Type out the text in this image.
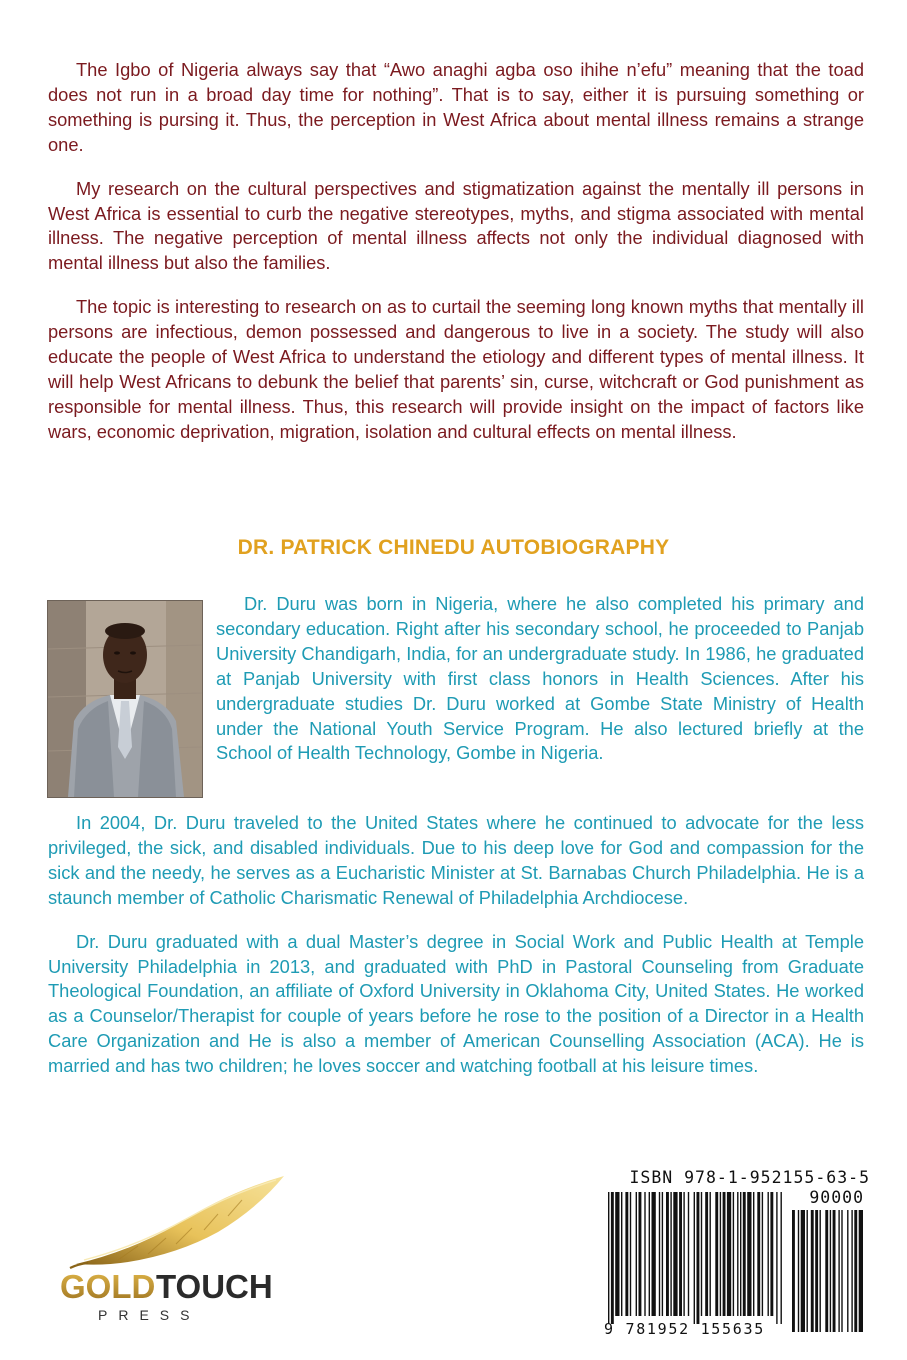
The Igbo of Nigeria always say that “Awo anaghi agba oso ihihe n’efu” meaning that the toad does not run in a broad day time for nothing”. That is to say, either it is pursuing something or something is pursing it. Thus, the perception in West Africa about mental illness remains a strange one.

My research on the cultural perspectives and stigmatization against the mentally ill persons in West Africa is essential to curb the negative stereotypes, myths, and stigma associated with mental illness. The negative perception of mental illness affects not only the individual diagnosed with mental illness but also the families.

The topic is interesting to research on as to curtail the seeming long known myths that mentally ill persons are infectious, demon possessed and dangerous to live in a society. The study will also educate the people of West Africa to understand the etiology and different types of mental illness. It will help West Africans to debunk the belief that parents’ sin, curse, witchcraft or God punishment as responsible for mental illness. Thus, this research will provide insight on the impact of factors like wars, economic deprivation, migration, isolation and cultural effects on mental illness.

DR. PATRICK CHINEDU AUTOBIOGRAPHY

Dr. Duru was born in Nigeria, where he also completed his primary and secondary education. Right after his secondary school, he proceeded to Panjab University Chandigarh, India, for an undergraduate study. In 1986, he graduated at Panjab University with first class honors in Health Sciences. After his undergraduate studies Dr. Duru worked at Gombe State Ministry of Health under the National Youth Service Program. He also lectured briefly at the School of Health Technology, Gombe in Nigeria.

In 2004, Dr. Duru traveled to the United States where he continued to advocate for the less privileged, the sick, and disabled individuals. Due to his deep love for God and compassion for the sick and the needy, he serves as a Eucharistic Minister at St. Barnabas Church Philadelphia. He is a staunch member of Catholic Charismatic Renewal of Philadelphia Archdiocese.

Dr. Duru graduated with a dual Master’s degree in Social Work and Public Health at Temple University Philadelphia in 2013, and graduated with PhD in Pastoral Counseling from Graduate Theological Foundation, an affiliate of Oxford University in Oklahoma City, United States. He worked as a Counselor/Therapist for couple of years before he rose to the position of a Director in a Health Care Organization and He is also a member of American Counselling Association (ACA). He is married and has two children; he loves soccer and watching football at his leisure times.

GOLD TOUCH
PRESS
ISBN 978-1-952155-63-5
90000
9 781952 155635
